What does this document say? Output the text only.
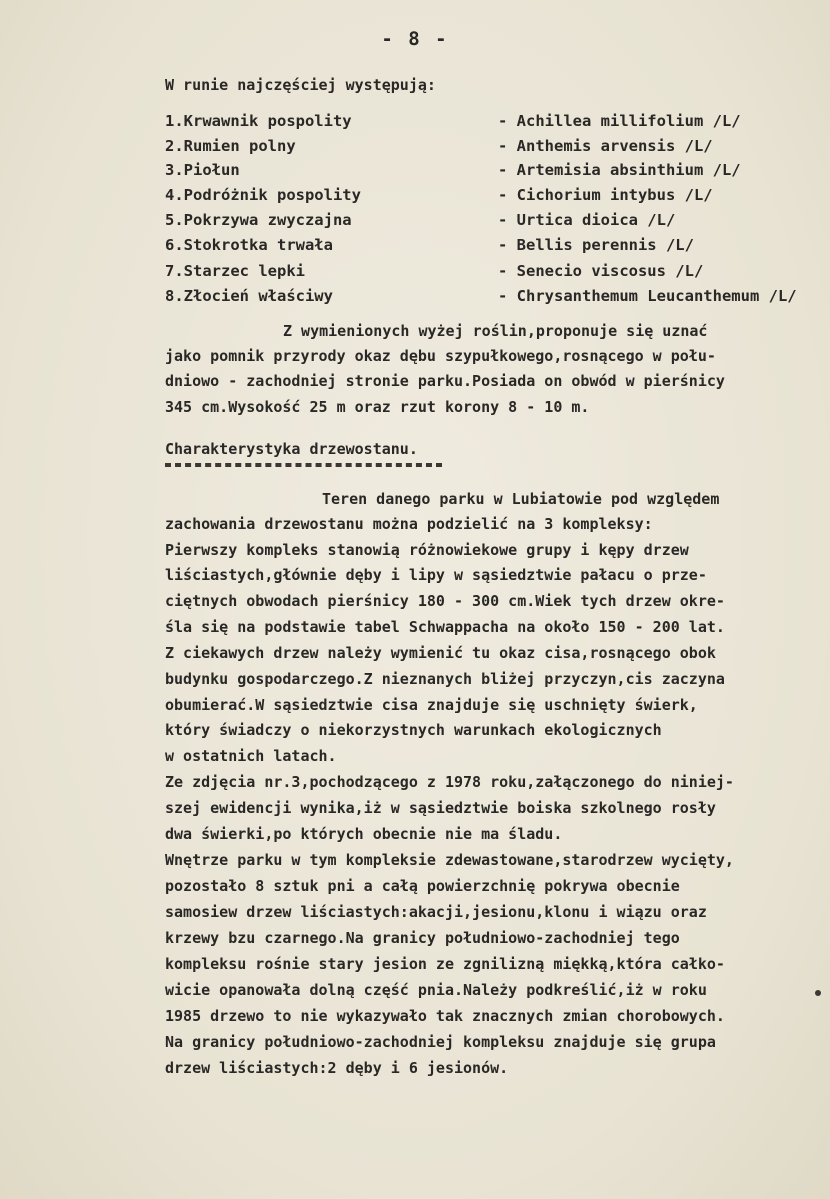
- 8 -
W runie najczęściej występują:
1.Krwawnik pospolity	- Achillea millifolium /L/
2.Rumien polny	- Anthemis arvensis /L/
3.Piołun	- Artemisia absinthium /L/
4.Podróżnik pospolity	- Cichorium intybus /L/
5.Pokrzywa zwyczajna	- Urtica dioica /L/
6.Stokrotka trwała	- Bellis perennis /L/
7.Starzec lepki	- Senecio viscosus /L/
8.Złocień właściwy	- Chrysanthemum Leucanthemum /L/
Z wymienionych wyżej roślin,proponuje się uznać
jako pomnik przyrody okaz dębu szypułkowego,rosnącego w połu-
dniowo - zachodniej stronie parku.Posiada on obwód w pierśnicy
345 cm.Wysokość 25 m oraz rzut korony 8 - 10 m.
Charakterystyka drzewostanu.
Teren danego parku w Lubiatowie pod względem
zachowania drzewostanu można podzielić na 3 kompleksy:
Pierwszy kompleks stanowią różnowiekowe grupy i kępy drzew
liściastych,głównie dęby i lipy w sąsiedztwie pałacu o prze-
ciętnych obwodach pierśnicy 180 - 300 cm.Wiek tych drzew okre-
śla się na podstawie tabel Schwappacha na około 150 - 200 lat.
Z ciekawych drzew należy wymienić tu okaz cisa,rosnącego obok
budynku gospodarczego.Z nieznanych bliżej przyczyn,cis zaczyna
obumierać.W sąsiedztwie cisa znajduje się uschnięty świerk,
który świadczy o niekorzystnych warunkach ekologicznych
w ostatnich latach.
Ze zdjęcia nr.3,pochodzącego z 1978 roku,załączonego do niniej-
szej ewidencji wynika,iż w sąsiedztwie boiska szkolnego rosły
dwa świerki,po których obecnie nie ma śladu.
Wnętrze parku w tym kompleksie zdewastowane,starodrzew wycięty,
pozostało 8 sztuk pni a całą powierzchnię pokrywa obecnie
samosiew drzew liściastych:akacji,jesionu,klonu i wiązu oraz
krzewy bzu czarnego.Na granicy południowo-zachodniej tego
kompleksu rośnie stary jesion ze zgnilizną miękką,która całko-
wicie opanowała dolną część pnia.Należy podkreślić,iż w roku
1985 drzewo to nie wykazywało tak znacznych zmian chorobowych.
Na granicy południowo-zachodniej kompleksu znajduje się grupa
drzew liściastych:2 dęby i 6 jesionów.
